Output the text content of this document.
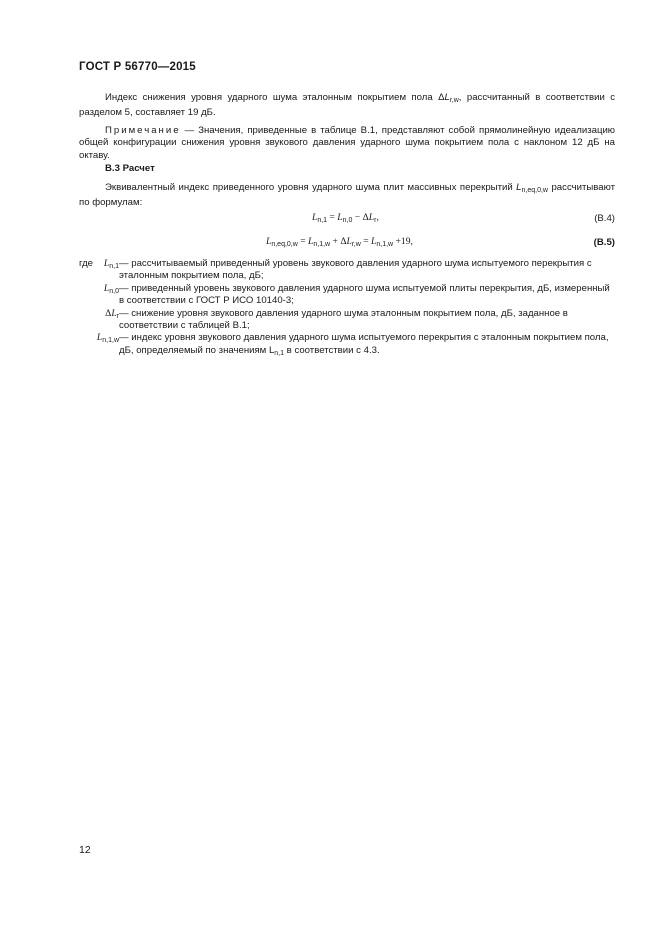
ГОСТ Р 56770—2015
Индекс снижения уровня ударного шума эталонным покрытием пола $\Delta L_{r,w}$, рассчитанный в соответствии с разделом 5, составляет 19 дБ.
Примечание — Значения, приведенные в таблице В.1, представляют собой прямолинейную идеализацию общей конфигурации снижения уровня звукового давления ударного шума покрытием пола с наклоном 12 дБ на октаву.
В.3 Расчет
Эквивалентный индекс приведенного уровня ударного шума плит массивных перекрытий $L_{n,eq,0,w}$ рассчитывают по формулам:
$L_{n,1} = L_{n,0} - \Delta L_r$,	(В.4)
$L_{n,eq,0,w} = L_{n,1,w} + \Delta L_{r,w} = L_{n,1,w} +19$,	(В.5)
где $L_{n,1}$ — рассчитываемый приведенный уровень звукового давления ударного шума испытуемого перекрытия с эталонным покрытием пола, дБ;
$L_{n,0}$ — приведенный уровень звукового давления ударного шума испытуемой плиты перекрытия, дБ, измеренный в соответствии с ГОСТ Р ИСО 10140-3;
$\Delta L_r$ — снижение уровня звукового давления ударного шума эталонным покрытием пола, дБ, заданное в соответствии с таблицей В.1;
$L_{n,1,w}$ — индекс уровня звукового давления ударного шума испытуемого перекрытия с эталонным покрытием пола, дБ, определяемый по значениям $L_{n,1}$ в соответствии с 4.3.
12
